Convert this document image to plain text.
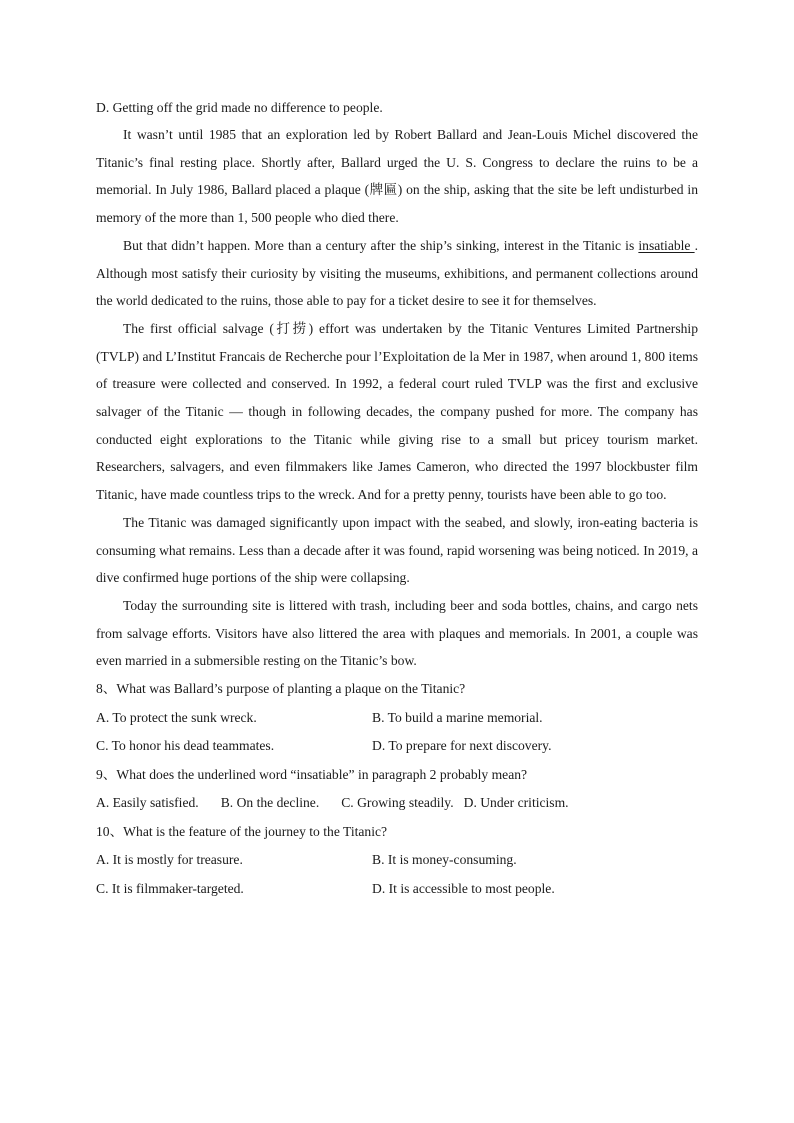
D. Getting off the grid made no difference to people.

It wasn’t until 1985 that an exploration led by Robert Ballard and Jean-Louis Michel discovered the Titanic’s final resting place. Shortly after, Ballard urged the U. S. Congress to declare the ruins to be a memorial. In July 1986, Ballard placed a plaque (牌匾) on the ship, asking that the site be left undisturbed in memory of the more than 1, 500 people who died there.

But that didn’t happen. More than a century after the ship’s sinking, interest in the Titanic is insatiable . Although most satisfy their curiosity by visiting the museums, exhibitions, and permanent collections around the world dedicated to the ruins, those able to pay for a ticket desire to see it for themselves.

The first official salvage (打捞) effort was undertaken by the Titanic Ventures Limited Partnership (TVLP) and L’Institut Francais de Recherche pour l’Exploitation de la Mer in 1987, when around 1, 800 items of treasure were collected and conserved. In 1992, a federal court ruled TVLP was the first and exclusive salvager of the Titanic — though in following decades, the company pushed for more. The company has conducted eight explorations to the Titanic while giving rise to a small but pricey tourism market. Researchers, salvagers, and even filmmakers like James Cameron, who directed the 1997 blockbuster film Titanic, have made countless trips to the wreck. And for a pretty penny, tourists have been able to go too.

The Titanic was damaged significantly upon impact with the seabed, and slowly, iron-eating bacteria is consuming what remains. Less than a decade after it was found, rapid worsening was being noticed. In 2019, a dive confirmed huge portions of the ship were collapsing.

Today the surrounding site is littered with trash, including beer and soda bottles, chains, and cargo nets from salvage efforts. Visitors have also littered the area with plaques and memorials. In 2001, a couple was even married in a submersible resting on the Titanic’s bow.

8、What was Ballard’s purpose of planting a plaque on the Titanic?

A. To protect the sunk wreck.	B. To build a marine memorial.
C. To honor his dead teammates.	D. To prepare for next discovery.

9、What does the underlined word “insatiable” in paragraph 2 probably mean?

A. Easily satisfied. B. On the decline. C. Growing steadily. D. Under criticism.

10、What is the feature of the journey to the Titanic?

A. It is mostly for treasure.	B. It is money-consuming.
C. It is filmmaker-targeted.	D. It is accessible to most people.
